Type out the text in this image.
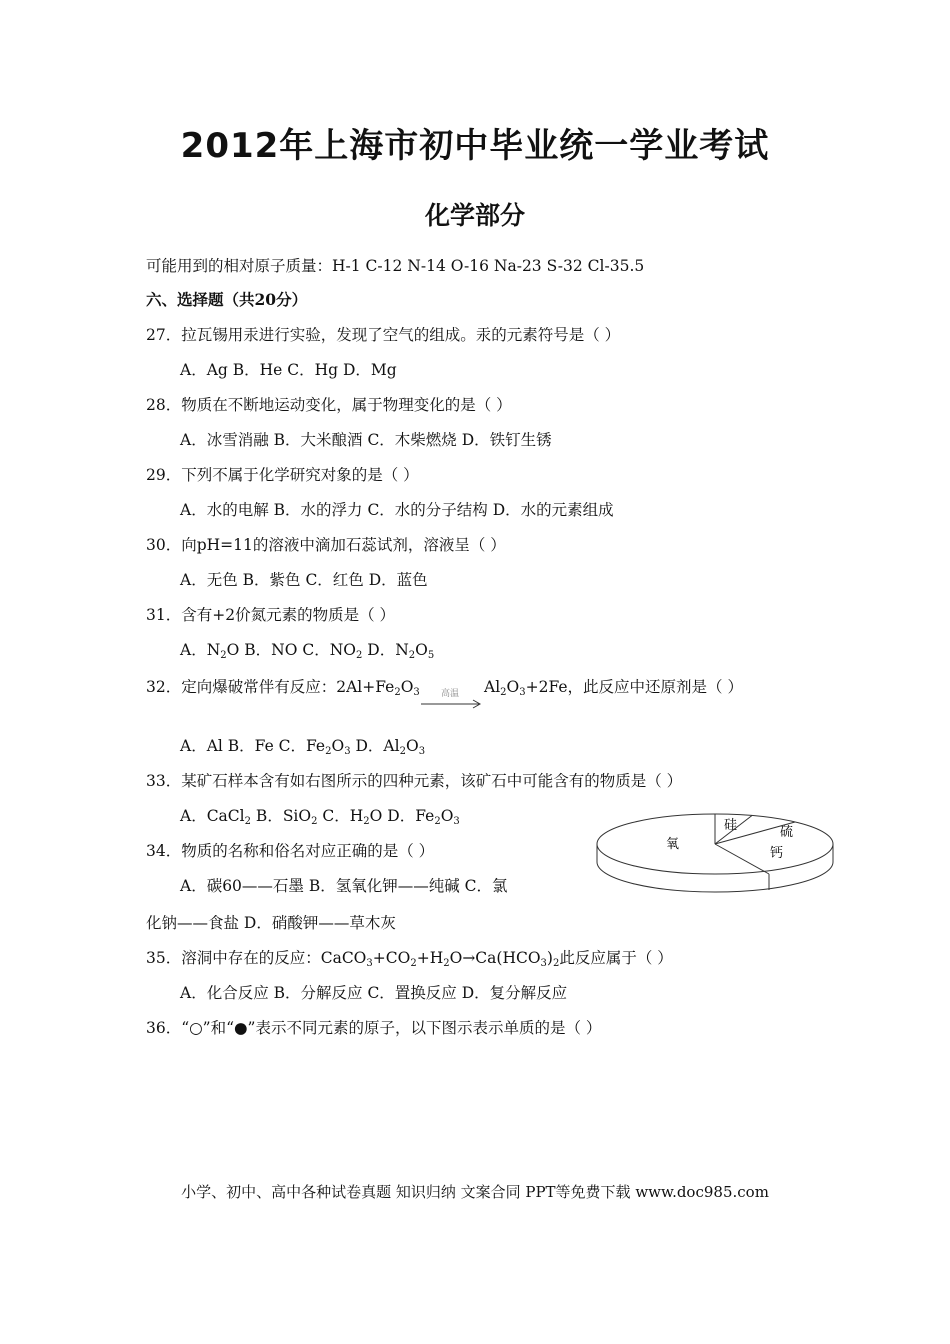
2012年上海市初中毕业统一学业考试
化学部分
可能用到的相对原子质量：H-1 C-12 N-14 O-16 Na-23 S-32 Cl-35.5
六、选择题（共20分）
27．拉瓦锡用汞进行实验，发现了空气的组成。汞的元素符号是（ ）
A．Ag B．He C．Hg D．Mg
28．物质在不断地运动变化，属于物理变化的是（ ）
A．冰雪消融 B．大米酿酒 C．木柴燃烧 D．铁钉生锈
29．下列不属于化学研究对象的是（ ）
A．水的电解 B．水的浮力 C．水的分子结构 D．水的元素组成
30．向pH=11的溶液中滴加石蕊试剂，溶液呈（ ）
A．无色 B．紫色 C．红色 D．蓝色
31．含有+2价氮元素的物质是（ ）
A．$N_2O$ B．NO C．$NO_2$ D．$N_2O_5$
32．定向爆破常伴有反应：$2Al+Fe_2O_3$ 高温 $Al_2O_3+2Fe$，此反应中还原剂是（ ）
A．Al B．Fe C．$Fe_2O_3$ D．$Al_2O_3$
33．某矿石样本含有如右图所示的四种元素，该矿石中可能含有的物质是（ ）
A．CaCl$_2$ B．SiO$_2$ C．$H_2O$ D．$Fe_2O_3$
氧
硅	硫
钙
34．物质的名称和俗名对应正确的是（ ）
A．碳60——石墨 B．氢氧化钾——纯碱 C．氯
化钠——食盐 D．硝酸钾——草木灰
35．溶洞中存在的反应：$CaCO_3+CO_2+H_2O\to Ca(HCO_3)_2$此反应属于（ ）
A．化合反应 B．分解反应 C．置换反应 D．复分解反应
36．“○”和“●”表示不同元素的原子，以下图示表示单质的是（ ）
小学、初中、高中各种试卷真题 知识归纳 文案合同 PPT等免费下载 www.doc985.com
